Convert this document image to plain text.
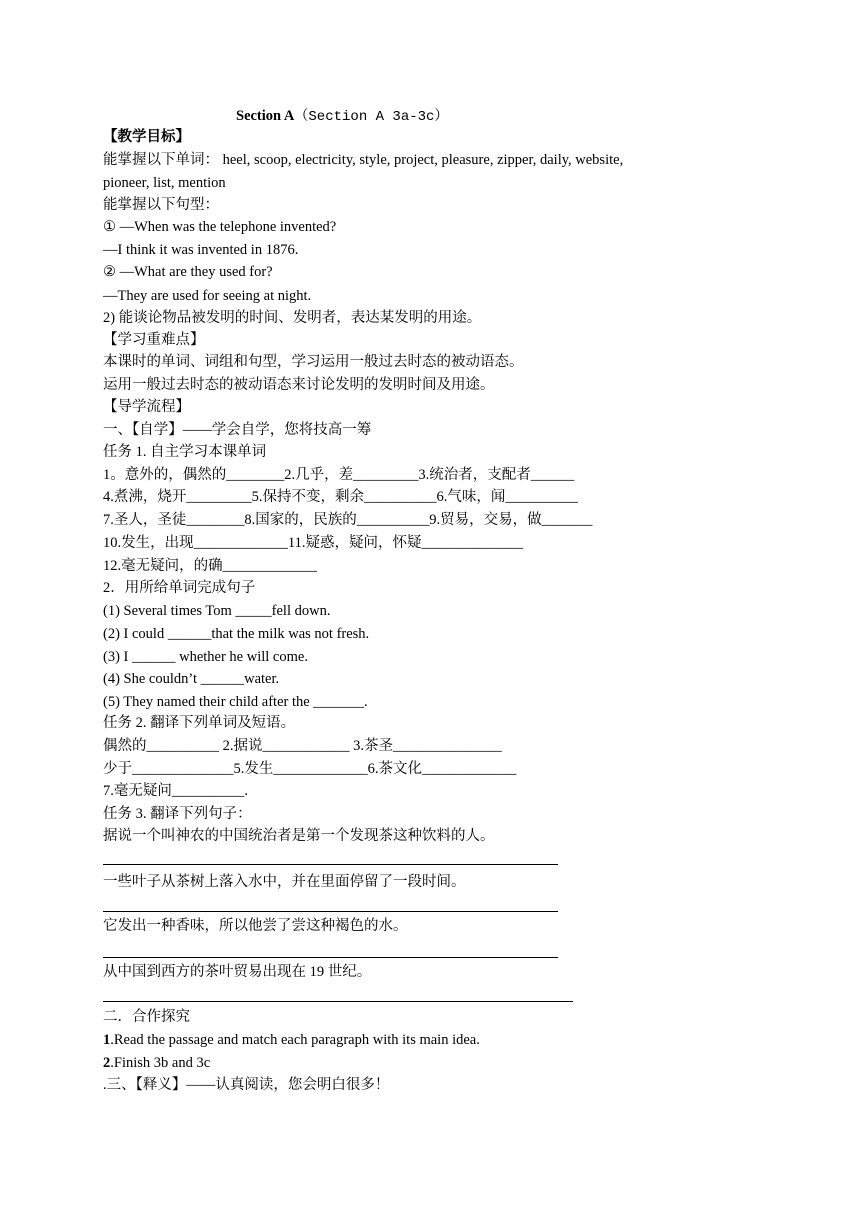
Section A（Section A 3a-3c）
【教学目标】
能掌握以下单词： heel, scoop, electricity, style, project, pleasure, zipper, daily, website,
pioneer, list, mention
能掌握以下句型：
① —When was the telephone invented?
—I think it was invented in 1876.
② —What are they used for?
—They are used for seeing at night.
2) 能谈论物品被发明的时间、发明者，表达某发明的用途。
【学习重难点】
本课时的单词、词组和句型，学习运用一般过去时态的被动语态。
运用一般过去时态的被动语态来讨论发明的发明时间及用途。
【导学流程】
一、【自学】——学会自学，您将技高一筹
任务 1. 自主学习本课单词
1。意外的，偶然的________2.几乎，差_________3.统治者，支配者______
4.煮沸，烧开_________5.保持不变，剩余__________6.气味，闻__________
7.圣人，圣徒________8.国家的，民族的__________9.贸易，交易，做_______
10.发生，出现_____________11.疑惑，疑问，怀疑______________
12.毫无疑问，的确_____________
2．用所给单词完成句子
(1) Several times Tom _____fell down.
(2) I could ______that the milk was not fresh.
(3) I ______ whether he will come.
(4) She couldn’t ______water.
(5) They named their child after the _______.
任务 2. 翻译下列单词及短语。
偶然的__________ 2.据说____________ 3.茶圣_______________
少于______________5.发生_____________6.茶文化_____________
7.毫无疑问__________.
任务 3. 翻译下列句子：
据说一个叫神农的中国统治者是第一个发现茶这种饮料的人。
一些叶子从茶树上落入水中，并在里面停留了一段时间。
它发出一种香味，所以他尝了尝这种褐色的水。
从中国到西方的茶叶贸易出现在 19 世纪。
二．合作探究
1.Read the passage and match each paragraph with its main idea.
2.Finish 3b and 3c
.三、【释义】——认真阅读，您会明白很多！
